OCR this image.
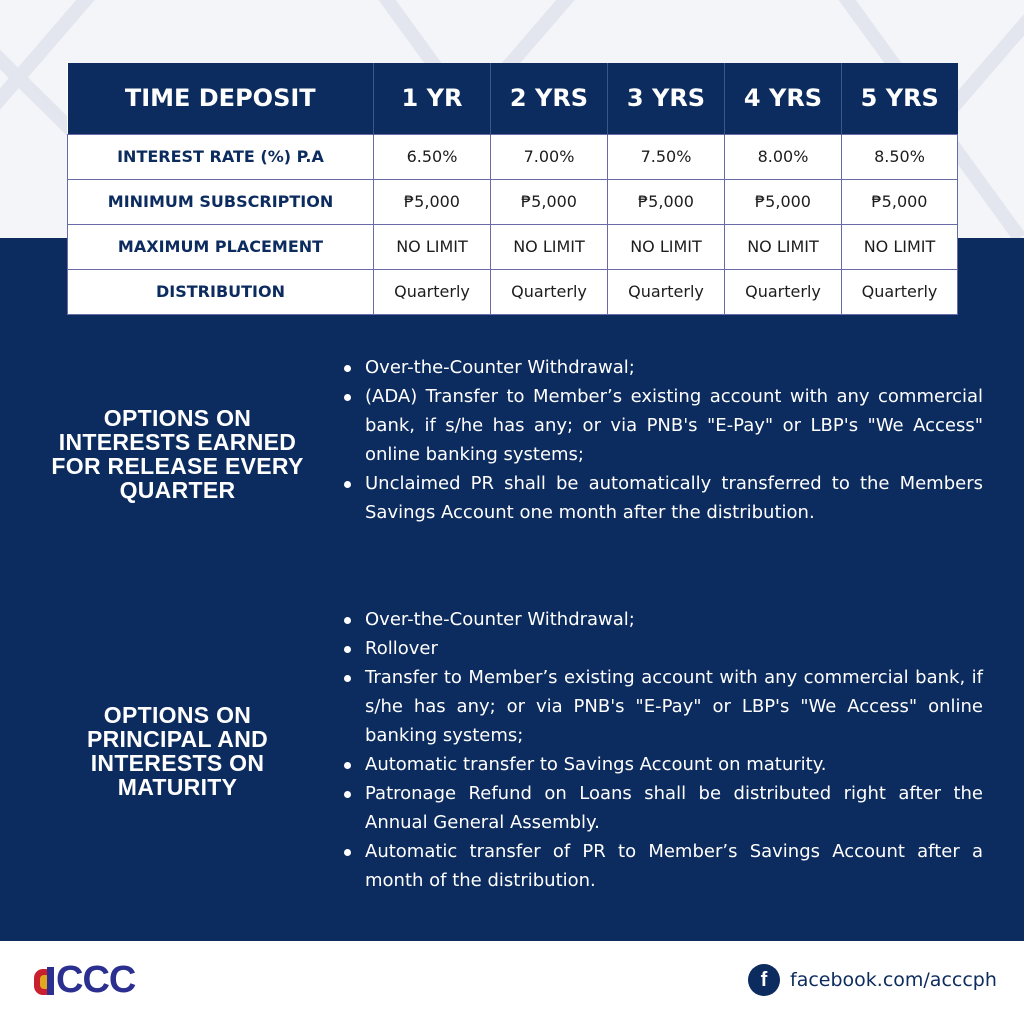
TIME DEPOSIT	1 YR	2 YRS	3 YRS	4 YRS	5 YRS
INTEREST RATE (%) P.A	6.50%	7.00%	7.50%	8.00%	8.50%
MINIMUM SUBSCRIPTION	₱5,000	₱5,000	₱5,000	₱5,000	₱5,000
MAXIMUM PLACEMENT	NO LIMIT	NO LIMIT	NO LIMIT	NO LIMIT	NO LIMIT
DISTRIBUTION	Quarterly	Quarterly	Quarterly	Quarterly	Quarterly
OPTIONS ON
INTERESTS EARNED
FOR RELEASE EVERY
QUARTER
Over-the-Counter Withdrawal;
(ADA) Transfer to Member’s existing account with any commercial bank, if s/he has any; or via PNB's "E-Pay" or LBP's "We Access" online banking systems;
Unclaimed PR shall be automatically transferred to the Members Savings Account one month after the distribution.
OPTIONS ON
PRINCIPAL AND
INTERESTS ON
MATURITY
Over-the-Counter Withdrawal;
Rollover
Transfer to Member’s existing account with any commercial bank, if s/he has any; or via PNB's "E-Pay" or LBP's "We Access" online banking systems;
Automatic transfer to Savings Account on maturity.
Patronage Refund on Loans shall be distributed right after the Annual General Assembly.
Automatic transfer of PR to Member’s Savings Account after a month of the distribution.
CCC	f	facebook.com/acccph
